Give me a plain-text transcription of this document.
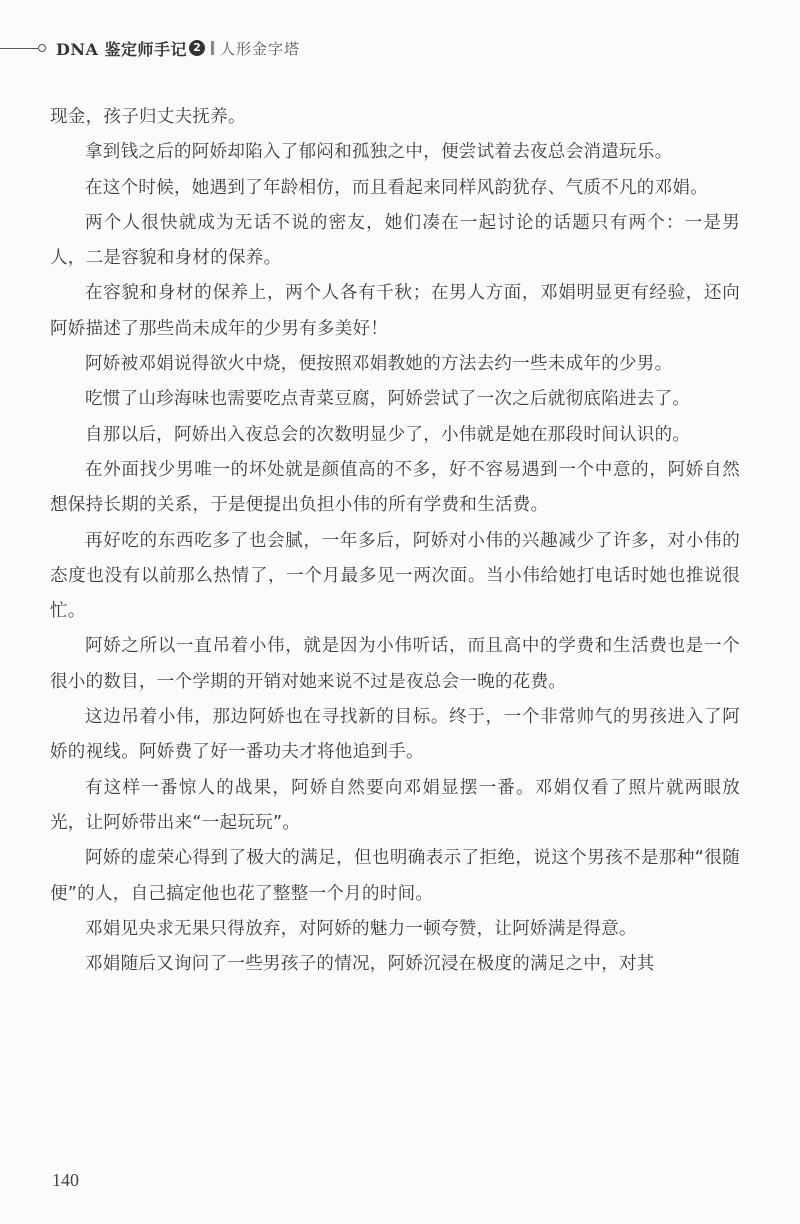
DNA 鉴定师手记 2 人形金字塔

现金，孩子归丈夫抚养。

拿到钱之后的阿娇却陷入了郁闷和孤独之中，便尝试着去夜总会消遣玩乐。

在这个时候，她遇到了年龄相仿，而且看起来同样风韵犹存、气质不凡的邓娟。

两个人很快就成为无话不说的密友，她们凑在一起讨论的话题只有两个：一是男人，二是容貌和身材的保养。

在容貌和身材的保养上，两个人各有千秋；在男人方面，邓娟明显更有经验，还向阿娇描述了那些尚未成年的少男有多美好！

阿娇被邓娟说得欲火中烧，便按照邓娟教她的方法去约一些未成年的少男。

吃惯了山珍海味也需要吃点青菜豆腐，阿娇尝试了一次之后就彻底陷进去了。

自那以后，阿娇出入夜总会的次数明显少了，小伟就是她在那段时间认识的。

在外面找少男唯一的坏处就是颜值高的不多，好不容易遇到一个中意的，阿娇自然想保持长期的关系，于是便提出负担小伟的所有学费和生活费。

再好吃的东西吃多了也会腻，一年多后，阿娇对小伟的兴趣减少了许多，对小伟的态度也没有以前那么热情了，一个月最多见一两次面。当小伟给她打电话时她也推说很忙。

阿娇之所以一直吊着小伟，就是因为小伟听话，而且高中的学费和生活费也是一个很小的数目，一个学期的开销对她来说不过是夜总会一晚的花费。

这边吊着小伟，那边阿娇也在寻找新的目标。终于，一个非常帅气的男孩进入了阿娇的视线。阿娇费了好一番功夫才将他追到手。

有这样一番惊人的战果，阿娇自然要向邓娟显摆一番。邓娟仅看了照片就两眼放光，让阿娇带出来“一起玩玩”。

阿娇的虚荣心得到了极大的满足，但也明确表示了拒绝，说这个男孩不是那种“很随便”的人，自己搞定他也花了整整一个月的时间。

邓娟见央求无果只得放弃，对阿娇的魅力一顿夸赞，让阿娇满是得意。

邓娟随后又询问了一些男孩子的情况，阿娇沉浸在极度的满足之中，对其

140
